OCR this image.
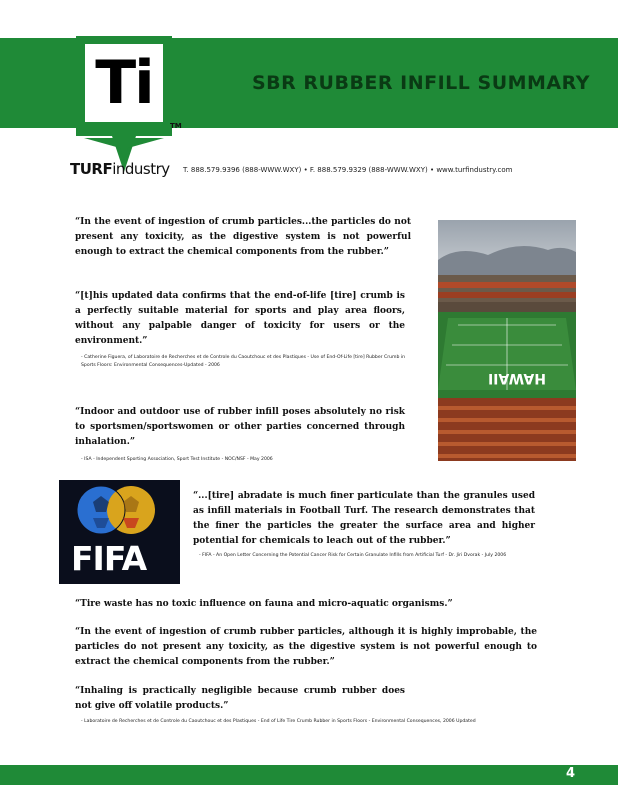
SBR RUBBER INFILL SUMMARY
Ti
TM
TURFindustry T. 888.579.9396 (888-WWW.WXY) • F. 888.579.9329 (888-WWW.WXY) • www.turfindustry.com

“In the event of ingestion of crumb particles...the particles do not present any toxicity, as the digestive system is not powerful enough to extract the chemical components from the rubber.”

“[t]his updated data confirms that the end-of-life [tire] crumb is a perfectly suitable material for sports and play area floors, without any palpable danger of toxicity for users or the environment.”

- Catherine Figuera, of Laboratoire de Recherches et de Controle du Caoutchouc et des Plastiques - Use of End-Of-Life [tire] Rubber Crumb in Sports Floors: Environmental Consequences-Updated - 2006

“Indoor and outdoor use of rubber infill poses absolutely no risk to sportsmen/sportswomen or other parties concerned through inhalation.”

- ISA - Independent Sporting Association, Sport Test Institute - NOC/NSF - May 2006
HAWAII
FIFA

“...[tire] abradate is much finer particulate than the granules used as infill materials in Football Turf. The research demonstrates that the finer the particles the greater the surface area and higher potential for chemicals to leach out of the rubber.”

- FIFA - An Open Letter Concerning the Potential Cancer Risk for Certain Granulate Infills from Artificial Turf - Dr. Jiri Dvorak - July 2006

“Tire waste has no toxic influence on fauna and micro-aquatic organisms.”

“In the event of ingestion of crumb rubber particles, although it is highly improbable, the particles do not present any toxicity, as the digestive system is not powerful enough to extract the chemical components from the rubber.”

“Inhaling is practically negligible because crumb rubber does not give off volatile products.”

- Laboratoire de Recherches et de Controle du Caoutchouc et des Plastiques - End of Life Tire Crumb Rubber in Sports Floors - Environmental Consequences, 2006 Updated
4
